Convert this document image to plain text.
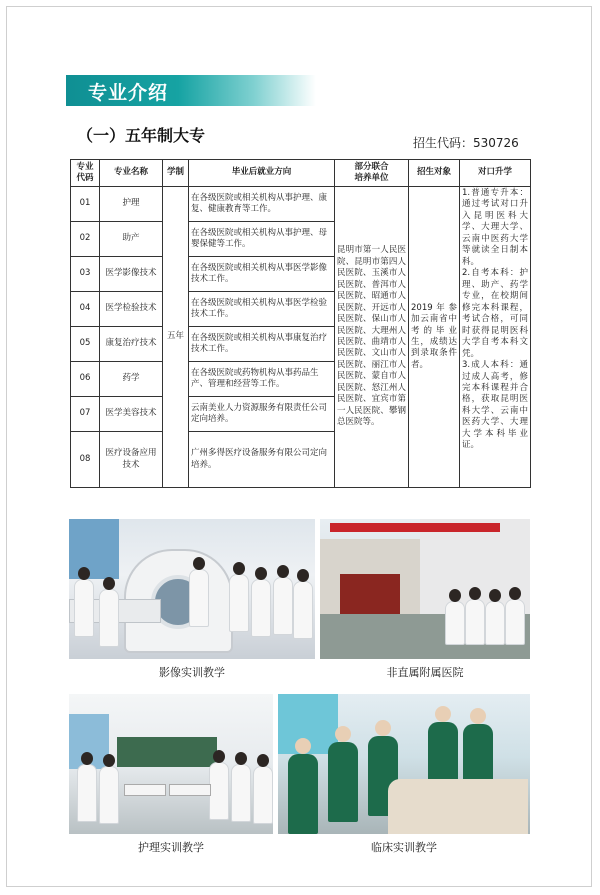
专业介绍
（一）五年制大专	招生代码：530726
专业
代码	专业名称	学制	毕业后就业方向	部分联合
培养单位	招生对象	对口升学
01	护理	五年	在各级医院或相关机构从事护理、康复、健康教育等工作。	昆明市第一人民医院、昆明市第四人民医院、玉溪市人民医院、普洱市人民医院、昭通市人民医院、开远市人民医院、保山市人民医院、大理州人民医院、曲靖市人民医院、文山市人民医院、丽江市人民医院、蒙自市人民医院、怒江州人民医院、宜宾市第一人民医院、攀钢总医院等。	2019年参加云南省中考的毕业生，成绩达到录取条件者。	1.普通专升本：通过考试对口升入昆明医科大学、大理大学、云南中医药大学等就读全日制本科。
2.自考本科：护理、助产、药学专业，在校期间修完本科课程，考试合格，可同时获得昆明医科大学自考本科文凭。
3.成人本科：通过成人高考，修完本科课程并合格，获取昆明医科大学、云南中医药大学、大理大学本科毕业证。
02	助产		在各级医院或相关机构从事护理、母婴保健等工作。			
03	医学影像技术		在各级医院或相关机构从事医学影像技术工作。			
04	医学检验技术		在各级医院或相关机构从事医学检验技术工作。			
05	康复治疗技术		在各级医院或相关机构从事康复治疗技术工作。			
06	药学		在各级医院或药物机构从事药品生产、管理和经营等工作。			
07	医学美容技术		云南美业人力资源服务有限责任公司定向培养。			
08	医疗设备应用技术		广州多得医疗设备服务有限公司定向培养。			
影像实训教学	非直属附属医院
护理实训教学	临床实训教学
